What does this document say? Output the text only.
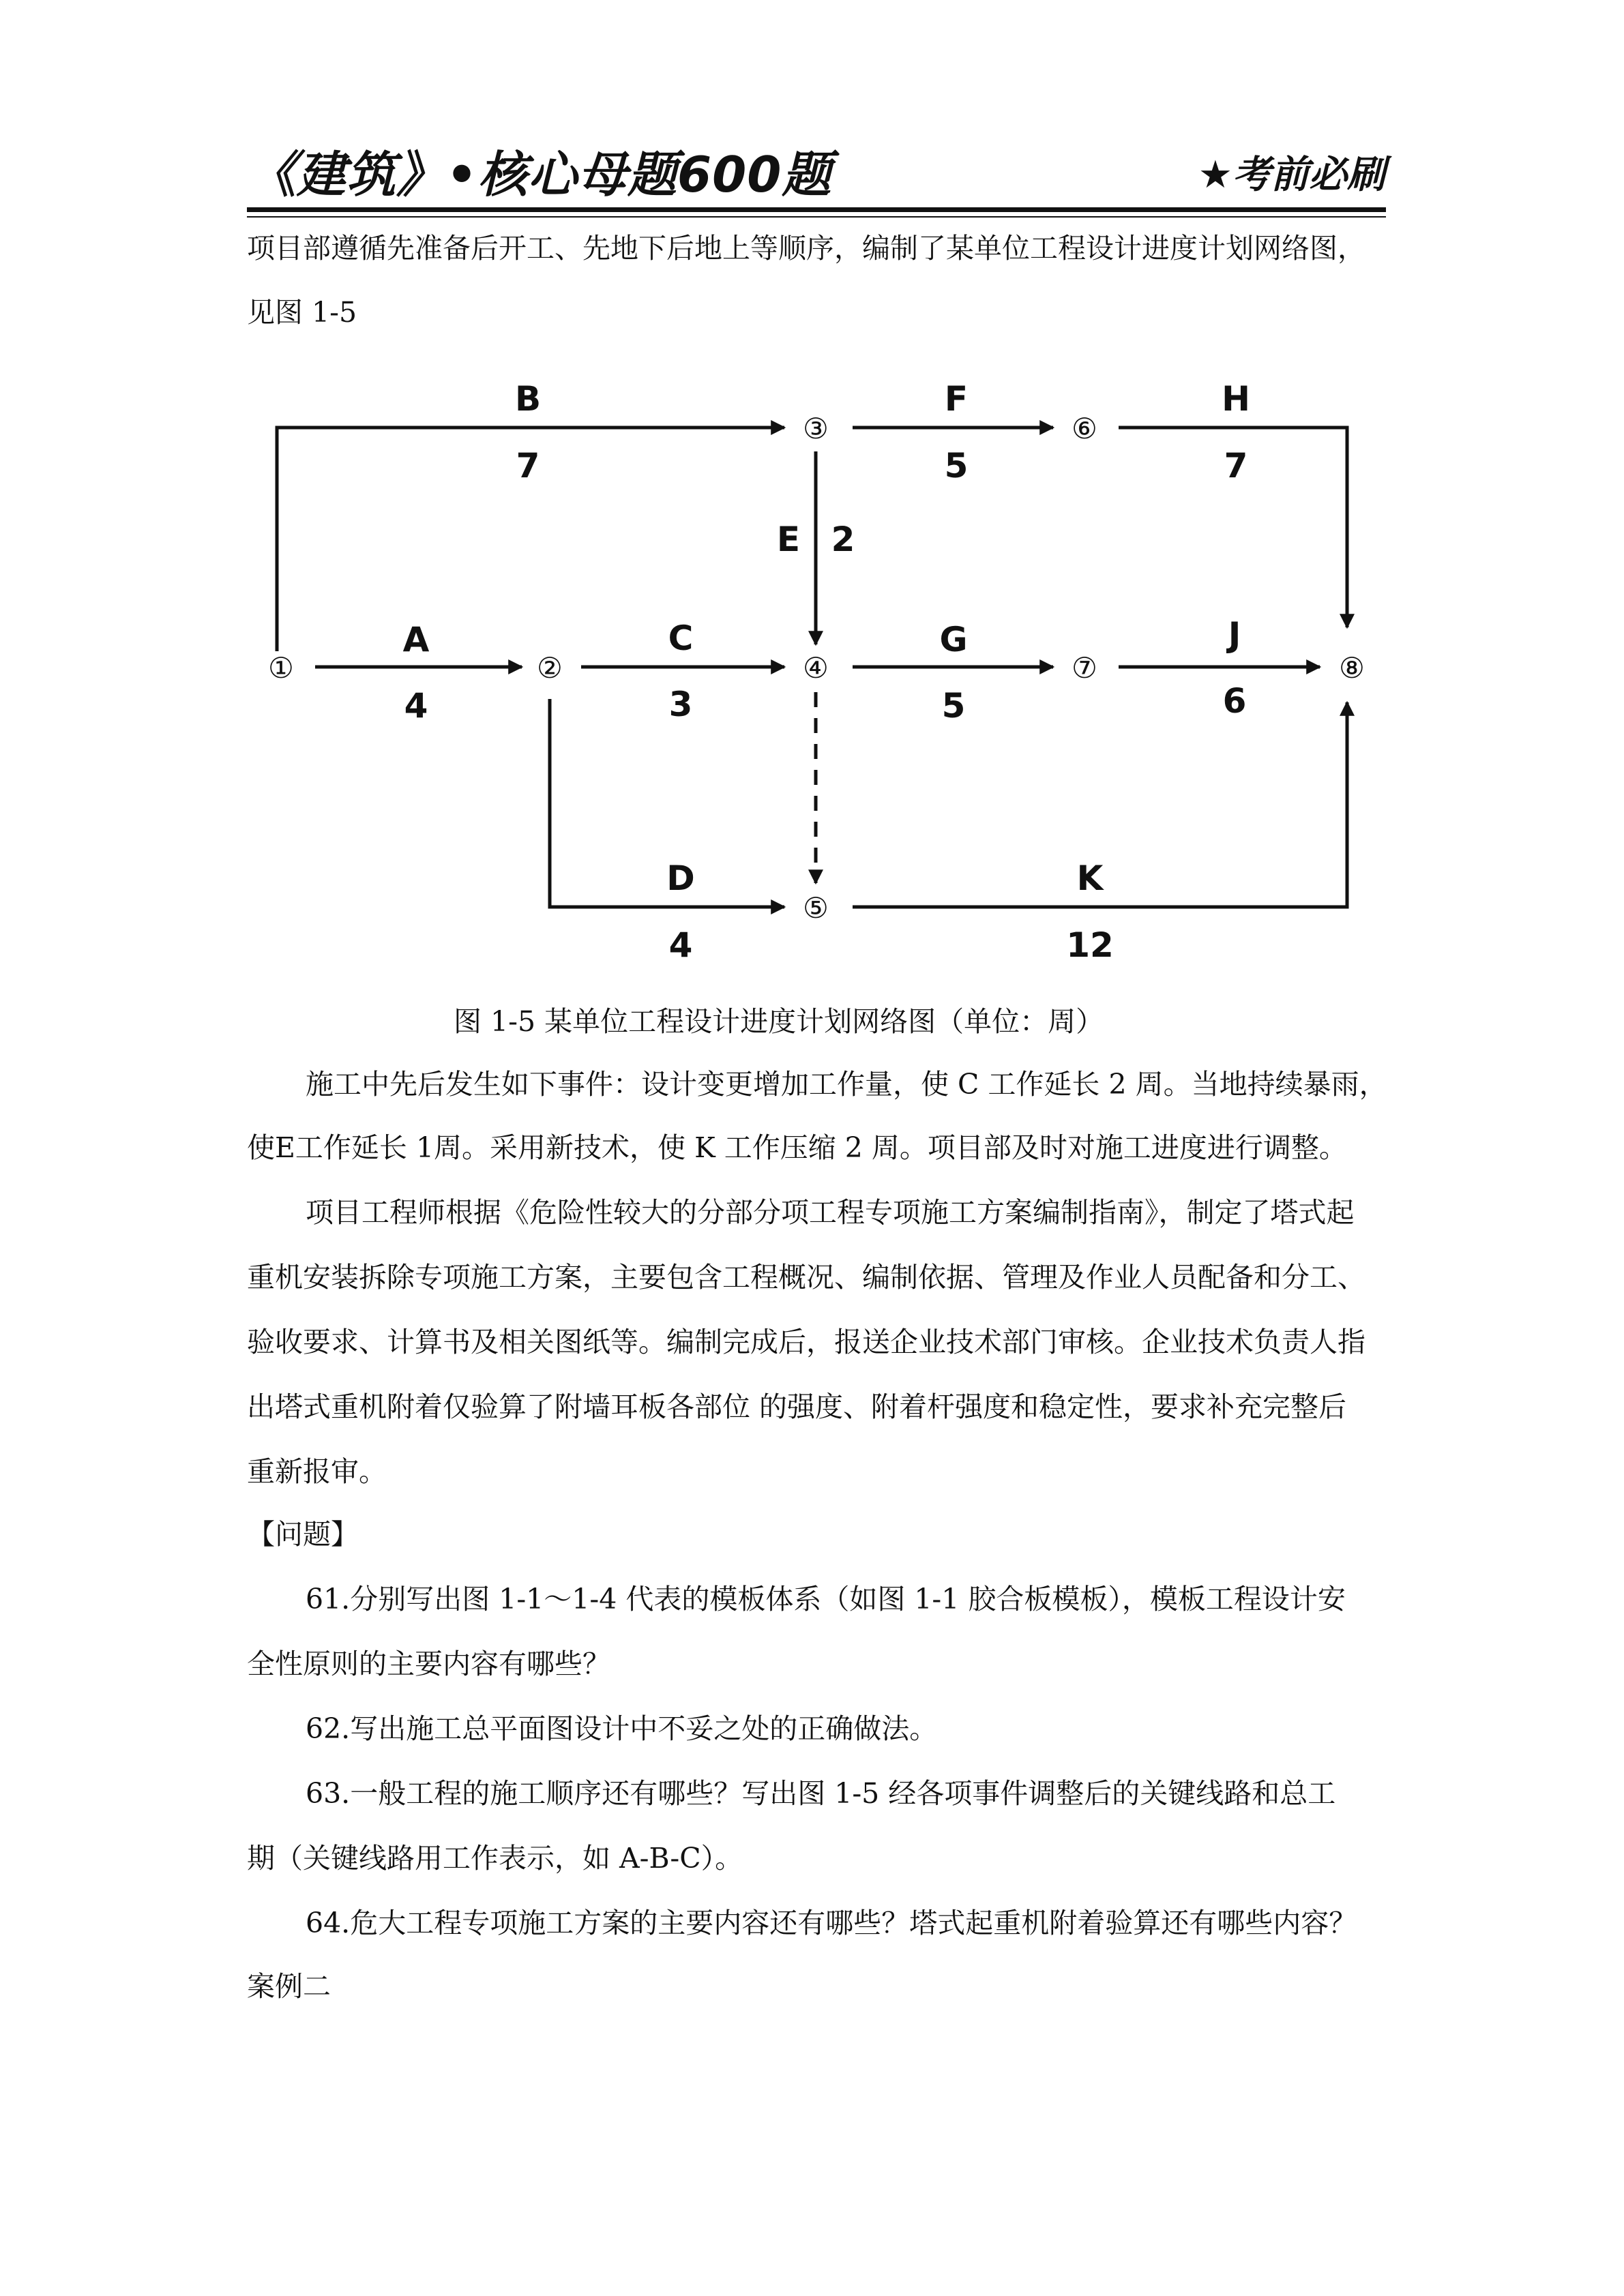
《建筑》•核心母题600题	★考前必刷
项目部遵循先准备后开工、先地下后地上等顺序，编制了某单位工程设计进度计划网络图，
见图 1-5
①	②
③
④
⑤
⑥
⑦	⑧
A
4
B
7
C
3
D
4
E 2
F
5
G
5
H
7
J
6
K
12
图 1-5 某单位工程设计进度计划网络图（单位：周）
施工中先后发生如下事件：设计变更增加工作量，使 C 工作延长 2 周。当地持续暴雨，
使E工作延长 1周。采用新技术，使 K 工作压缩 2 周。项目部及时对施工进度进行调整。
项目工程师根据《危险性较大的分部分项工程专项施工方案编制指南》，制定了塔式起
重机安装拆除专项施工方案，主要包含工程概况、编制依据、管理及作业人员配备和分工、
验收要求、计算书及相关图纸等。编制完成后，报送企业技术部门审核。企业技术负责人指
出塔式重机附着仅验算了附墙耳板各部位 的强度、附着杆强度和稳定性，要求补充完整后
重新报审。
【问题】
61.分别写出图 1-1～1-4 代表的模板体系（如图 1-1 胶合板模板），模板工程设计安
全性原则的主要内容有哪些？
62.写出施工总平面图设计中不妥之处的正确做法。
63.一般工程的施工顺序还有哪些？写出图 1-5 经各项事件调整后的关键线路和总工
期（关键线路用工作表示，如 A-B-C）。
64.危大工程专项施工方案的主要内容还有哪些？塔式起重机附着验算还有哪些内容？
案例二
